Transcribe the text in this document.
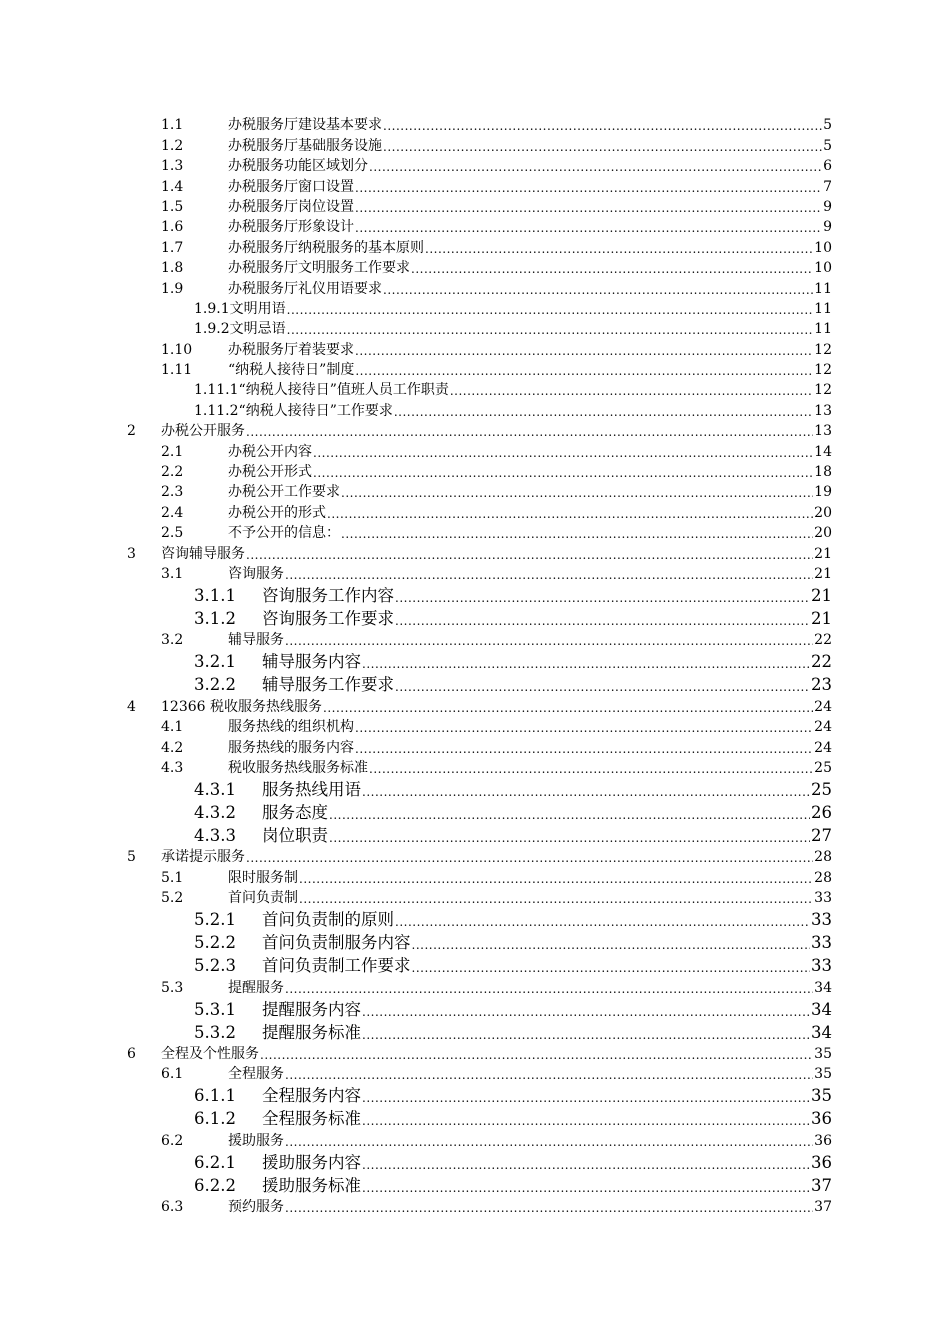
1.1	办税服务厅建设基本要求 .....	5
1.2	办税服务厅基础服务设施 .....	5
1.3	办税服务功能区域划分 .....	6
1.4	办税服务厅窗口设置 .....	7
1.5	办税服务厅岗位设置 .....	9
1.6	办税服务厅形象设计 .....	9
1.7	办税服务厅纳税服务的基本原则 .....	10
1.8	办税服务厅文明服务工作要求 .....	10
1.9	办税服务厅礼仪用语要求 .....	11
1.9.1 文明用语 .....	11
1.9.2 文明忌语 .....	11
1.10	办税服务厅着装要求 .....	12
1.11	“纳税人接待日”制度 .....	12
1.11.1 “纳税人接待日”值班人员工作职责 .....	12
1.11.2 “纳税人接待日”工作要求 .....	13
2	办税公开服务 .....	13
2.1	办税公开内容 .....	14
2.2	办税公开形式 .....	18
2.3	办税公开工作要求 .....	19
2.4	办税公开的形式 .....	20
2.5	不予公开的信息： .....	20
3	咨询辅导服务 .....	21
3.1	咨询服务 .....	21
3.1.1	咨询服务工作内容 .....	21
3.1.2	咨询服务工作要求 .....	21
3.2	辅导服务 .....	22
3.2.1	辅导服务内容 .....	22
3.2.2	辅导服务工作要求 .....	23
4	12366 税收服务热线服务 .....	24
4.1	服务热线的组织机构 .....	24
4.2	服务热线的服务内容 .....	24
4.3	税收服务热线服务标准 .....	25
4.3.1	服务热线用语 .....	25
4.3.2	服务态度 .....	26
4.3.3	岗位职责 .....	27
5	承诺提示服务 .....	28
5.1	限时服务制 .....	28
5.2	首问负责制 .....	33
5.2.1	首问负责制的原则 .....	33
5.2.2	首问负责制服务内容 .....	33
5.2.3	首问负责制工作要求 .....	33
5.3	提醒服务 .....	34
5.3.1	提醒服务内容 .....	34
5.3.2	提醒服务标准 .....	34
6	全程及个性服务 .....	35
6.1	全程服务 .....	35
6.1.1	全程服务内容 .....	35
6.1.2	全程服务标准 .....	36
6.2	援助服务 .....	36
6.2.1	援助服务内容 .....	36
6.2.2	援助服务标准 .....	37
6.3	预约服务 .....	37
